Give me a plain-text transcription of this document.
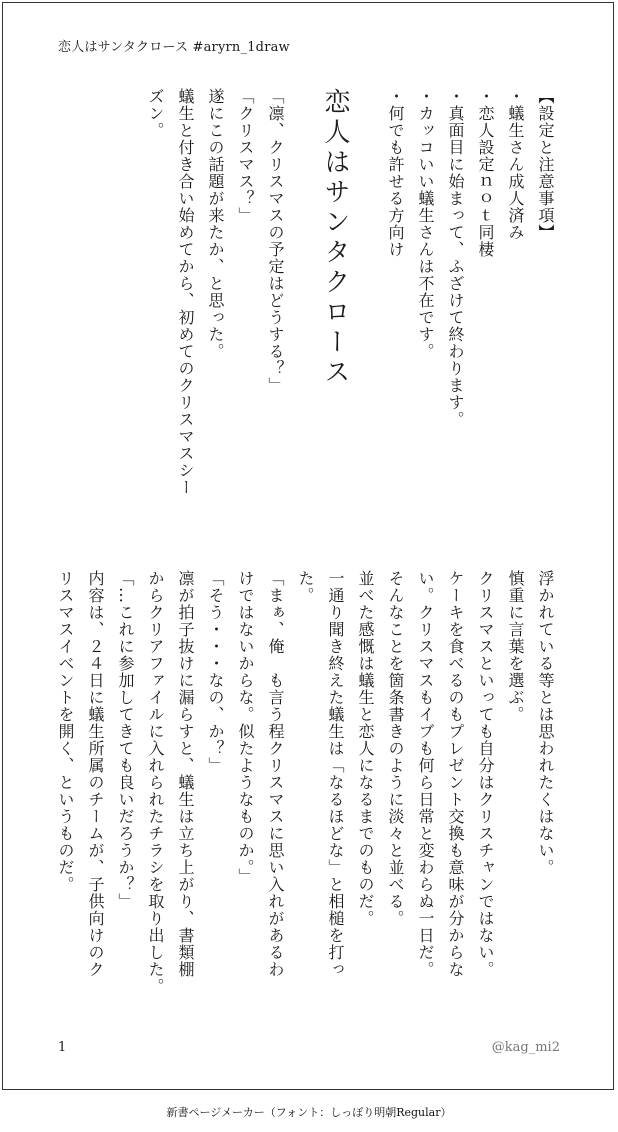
恋人はサンタクロース #aryrn_1draw
【設定と注意事項】
・蟻生さん成人済み
・恋人設定ｎｏｔ同棲
・真面目に始まって、ふざけて終わります。
・カッコいい蟻生さんは不在です。
・何でも許せる方向け
恋人はサンタクロース
「凛、クリスマスの予定はどうする？」
「クリスマス？」
遂にこの話題が来たか、と思った。
蟻生と付き合い始めてから、初めてのクリスマスシー
ズン。
浮かれている等とは思われたくはない。
慎重に言葉を選ぶ。
クリスマスといっても自分はクリスチャンではない。
ケーキを食べるのもプレゼント交換も意味が分からな
い。クリスマスもイブも何ら日常と変わらぬ一日だ。
そんなことを箇条書きのように淡々と並べる。
並べた感慨は蟻生と恋人になるまでのものだ。
一通り聞き終えた蟻生は「なるほどな」と相槌を打っ
た。
「まぁ、俺　も言う程クリスマスに思い入れがあるわ
けではないからな。似たようなものか。」
「そう・・・なの、か？」
凛が拍子抜けに漏らすと、蟻生は立ち上がり、書類棚
からクリアファイルに入れられたチラシを取り出した。
「…これに参加してきても良いだろうか？」
内容は、２４日に蟻生所属のチームが、子供向けのク
リスマスイベントを開く、というものだ。
1	@kag_mi2
新書ページメーカー（フォント：しっぽり明朝Regular）
